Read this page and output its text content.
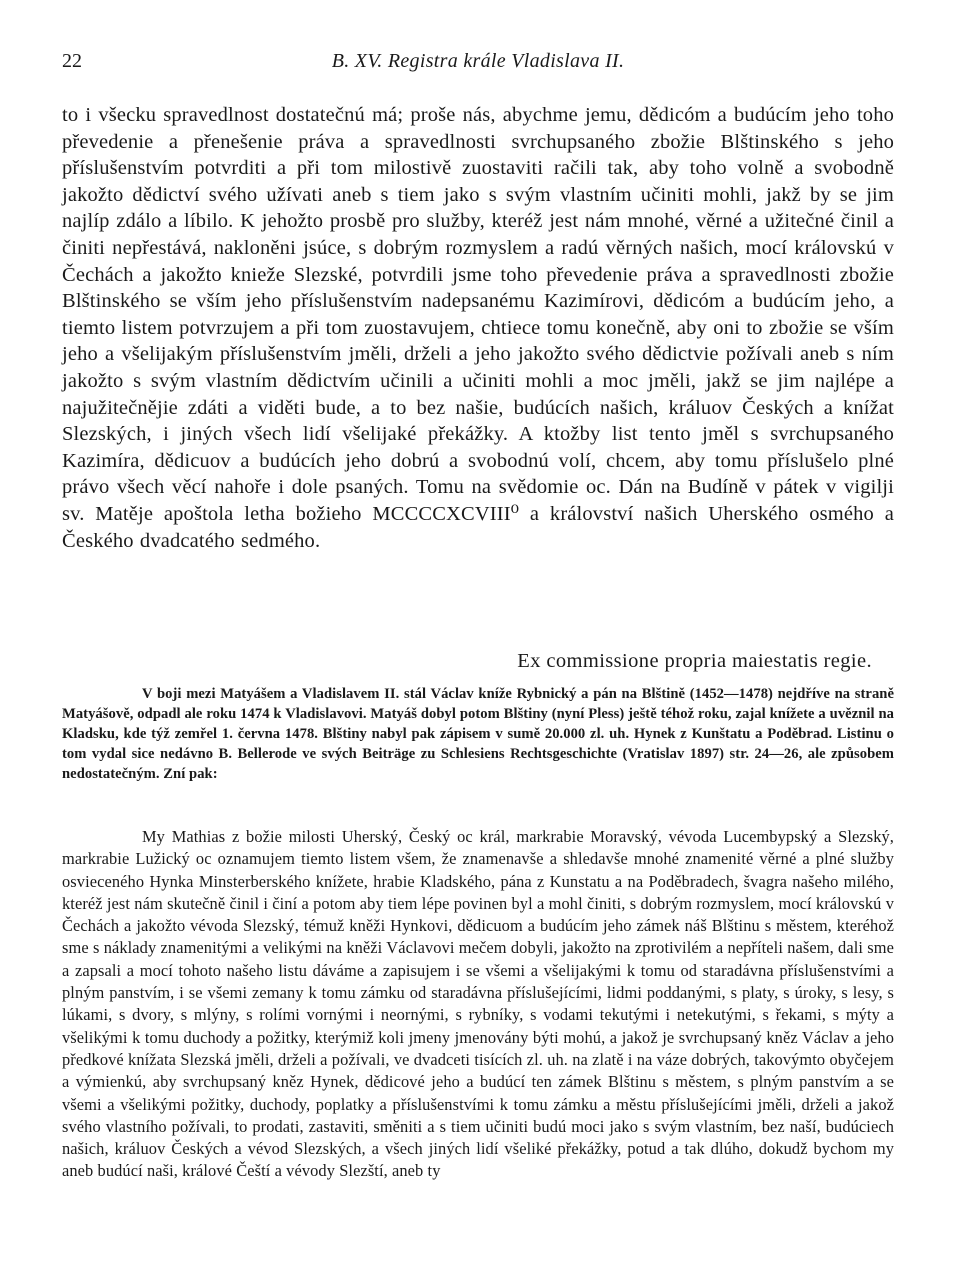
22	B. XV. Registra krále Vladislava II.

to i všecku spravedlnost dostatečnú má; proše nás, abychme jemu, dědicóm a budúcím jeho toho převedenie a přenešenie práva a spravedlnosti svrchupsaného zbožie Blštinského s jeho příslušenstvím potvrditi a při tom milostivě zuostaviti račili tak, aby toho volně a svobodně jakožto dědictví svého užívati aneb s tiem jako s svým vlastním učiniti mohli, jakž by se jim najlíp zdálo a líbilo. K jehožto prosbě pro služby, kteréž jest nám mnohé, věrné a užitečné činil a činiti nepřestává, nakloněni jsúce, s dobrým rozmyslem a radú věrných našich, mocí královskú v Čechách a jakožto knieže Slezské, potvrdili jsme toho převedenie práva a spravedlnosti zbožie Blštinského se vším jeho příslušenstvím nadepsanému Kazimírovi, dědicóm a budúcím jeho, a tiemto listem potvrzujem a při tom zuostavujem, chtiece tomu konečně, aby oni to zbožie se vším jeho a všelijakým příslušenstvím jměli, drželi a jeho jakožto svého dědictvie požívali aneb s ním jakožto s svým vlastním dědictvím učinili a učiniti mohli a moc jměli, jakž se jim najlépe a najužitečnějie zdáti a viděti bude, a to bez našie, budúcích našich, králuov Českých a knížat Slezských, i jiných všech lidí všelijaké překážky. A ktožby list tento jměl s svrchupsaného Kazimíra, dědicuov a budúcích jeho dobrú a svobodnú volí, chcem, aby tomu příslušelo plné právo všech věcí nahoře i dole psaných. Tomu na svědomie oc. Dán na Budíně v pátek v vigilji sv. Matěje apoštola letha božieho MCCCCXCVIII⁰ a království našich Uherského osmého a Českého dvadcatého sedmého.

Ex commissione propria maiestatis regie.
V boji mezi Matyášem a Vladislavem II. stál Václav kníže Rybnický a pán na Blštině (1452—1478) nejdříve na straně Matyášově, odpadl ale roku 1474 k Vladislavovi. Matyáš dobyl potom Blštiny (nyní Pless) ještě téhož roku, zajal knížete a uvěznil na Kladsku, kde týž zemřel 1. června 1478. Blštiny nabyl pak zápisem v sumě 20.000 zl. uh. Hynek z Kunštatu a Poděbrad. Listinu o tom vydal sice nedávno B. Bellerode ve svých Beiträge zu Schlesiens Rechtsgeschichte (Vratislav 1897) str. 24—26, ale způsobem nedostatečným. Zní pak:
My Mathias z božie milosti Uherský, Český oc král, markrabie Moravský, vévoda Lucembурský a Slezský, markrabie Lužický oc oznamujem tiemto listem všem, že znamenavše a shledavše mnohé znamenité věrné a plné služby osvieceného Hynka Minsterberského knížete, hrabie Kladského, pána z Kunstatu a na Poděbradech, švagra našeho milého, kteréž jest nám skutečně činil i činí a potom aby tiem lépe povinen byl a mohl činiti, s dobrým rozmyslem, mocí královskú v Čechách a jakožto vévoda Slezský, témuž kněži Hynkovi, dědicuom a budúcím jeho zámek náš Blštinu s městem, kteréhož sme s náklady znamenitými a velikými na kněži Václavovi mečem dobyli, jakožto na zprotivilém a nepříteli našem, dali sme a zapsali a mocí tohoto našeho listu dáváme a zapisujem i se všemi a všelijakými k tomu od staradávna příslušenstvími a plným panstvím, i se všemi zemany k tomu zámku od staradávna příslušejícími, lidmi poddanými, s platy, s úroky, s lesy, s lúkami, s dvory, s mlýny, s rolími vornými i neornými, s rybníky, s vodami tekutými i netekutými, s řekami, s mýty a všelikými k tomu duchody a požitky, kterýmiž koli jmeny jmenovány býti mohú, a jakož je svrchupsaný kněz Václav a jeho předkové knížata Slezská jměli, drželi a požívali, ve dvadceti tisících zl. uh. na zlatě i na váze dobrých, takovýmto obyčejem a výmienkú, aby svrchupsaný kněz Hynek, dědicové jeho a budúcí ten zámek Blštinu s městem, s plným panstvím a se všemi a všelikými požitky, duchody, poplatky a příslušenstvími k tomu zámku a městu příslušejícími jměli, drželi a jakož svého vlastního požívali, to prodati, zastaviti, směniti a s tiem učiniti budú moci jako s svým vlastním, bez naší, budúciech našich, králuov Českých a vévod Slezských, a všech jiných lidí všeliké překážky, potud a tak dlúho, dokudž bychom my aneb budúcí naši, králové Čeští a vévody Slezští, aneb ty
